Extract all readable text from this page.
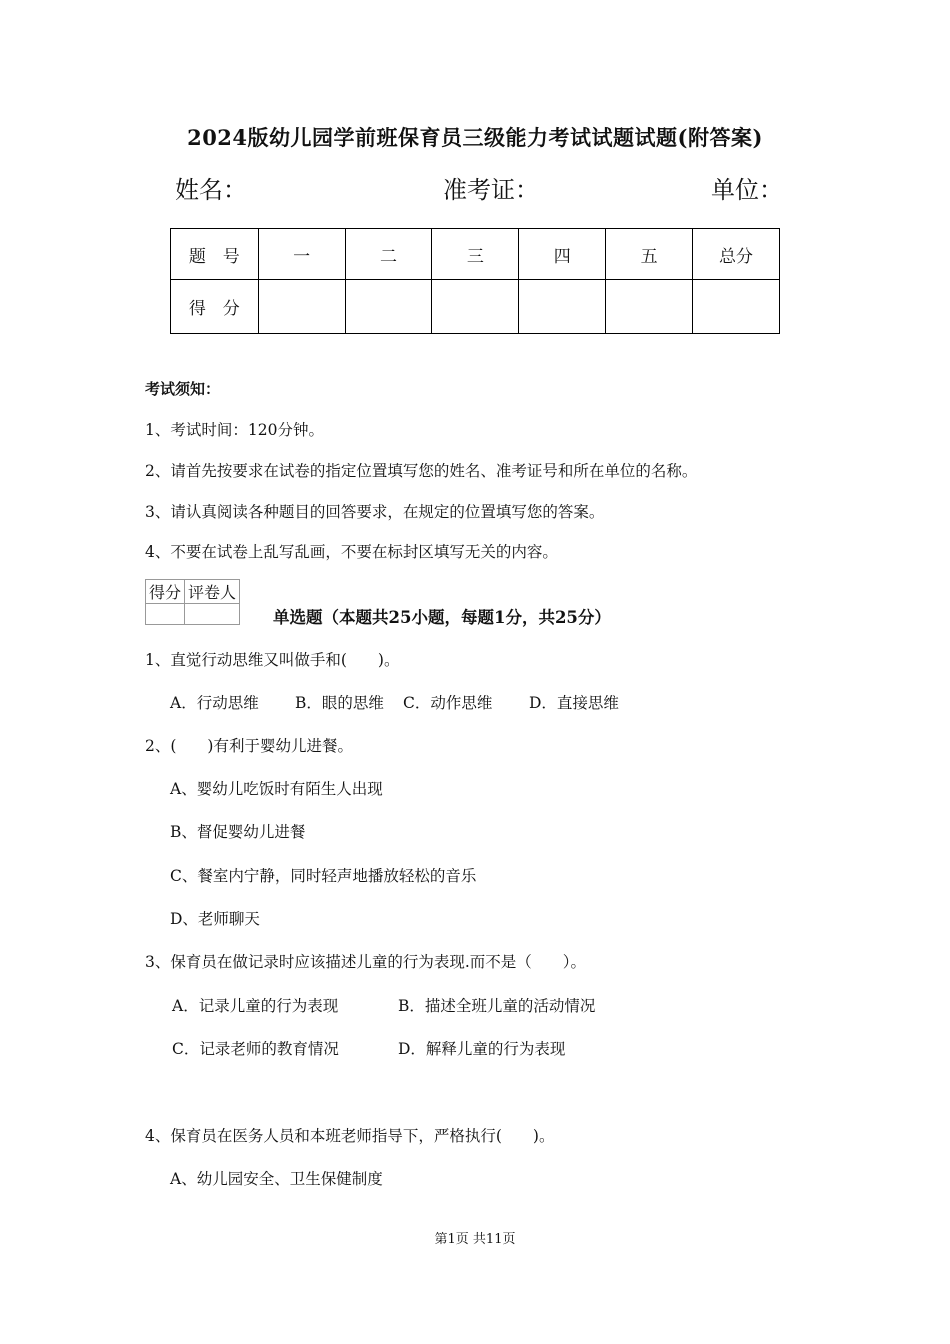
2024版幼儿园学前班保育员三级能力考试试题试题(附答案)
姓名：	准考证：	单位：
题　号	一	二	三	四	五	总分
得　分						
考试须知：
1、考试时间：120分钟。
2、请首先按要求在试卷的指定位置填写您的姓名、准考证号和所在单位的名称。
3、请认真阅读各种题目的回答要求，在规定的位置填写您的答案。
4、不要在试卷上乱写乱画，不要在标封区填写无关的内容。
得分	评卷人

单选题（本题共25小题，每题1分，共25分）
1、直觉行动思维又叫做手和(　　)。
A．行动思维 B．眼的思维 C．动作思维 D．直接思维
2、(　　)有利于婴幼儿进餐。
A、婴幼儿吃饭时有陌生人出现
B、督促婴幼儿进餐
C、餐室内宁静，同时轻声地播放轻松的音乐
D、老师聊天
3、保育员在做记录时应该描述儿童的行为表现.而不是（　　）。
A．记录儿童的行为表现	B．描述全班儿童的活动情况
C．记录老师的教育情况	D．解释儿童的行为表现
4、保育员在医务人员和本班老师指导下，严格执行(　　)。
A、幼儿园安全、卫生保健制度
第1页 共11页
